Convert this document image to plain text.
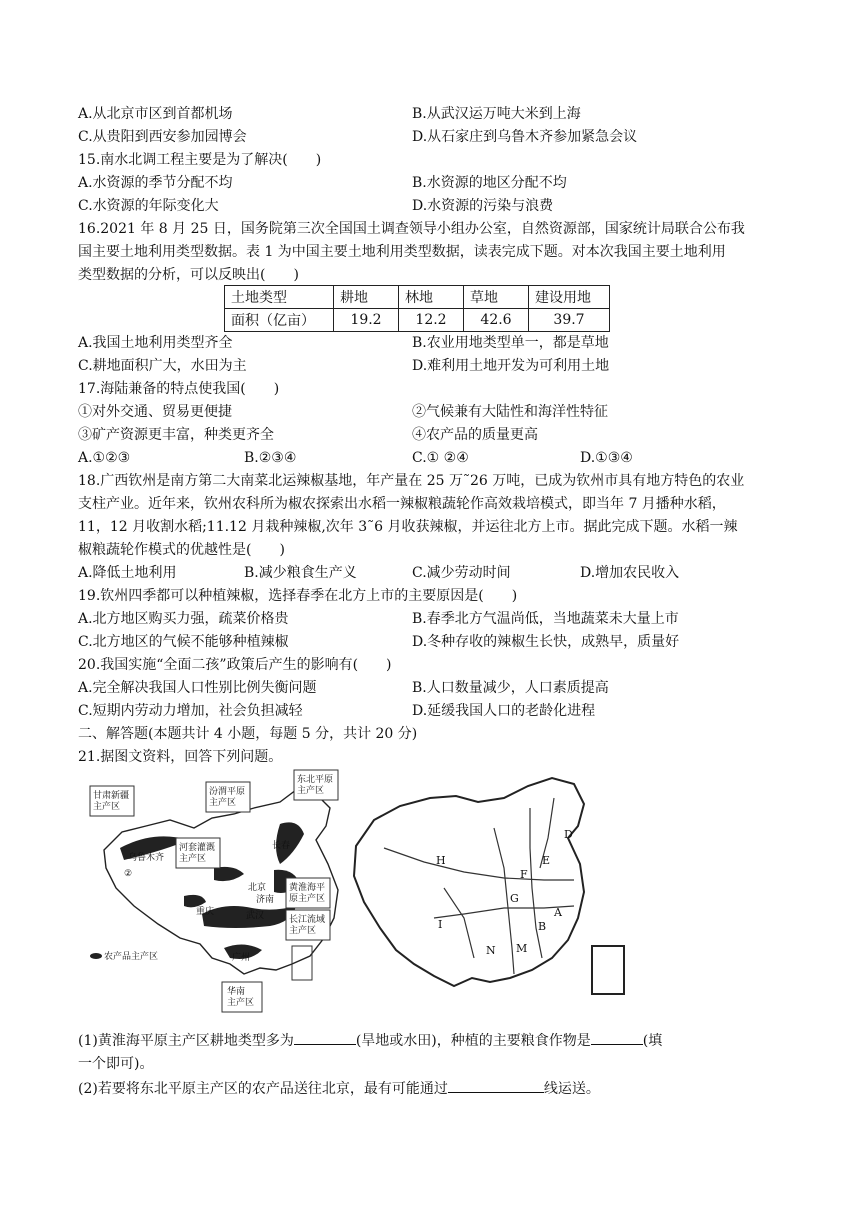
A.从北京市区到首都机场	B.从武汉运万吨大米到上海
C.从贵阳到西安参加园博会	D.从石家庄到乌鲁木齐参加紧急会议
15.南水北调工程主要是为了解决(　　)
A.水资源的季节分配不均	B.水资源的地区分配不均
C.水资源的年际变化大	D.水资源的污染与浪费
16.2021 年 8 月 25 日，国务院第三次全国国土调查领导小组办公室，自然资源部，国家统计局联合公布我
国主要土地利用类型数据。表 1 为中国主要土地利用类型数据，读表完成下题。对本次我国主要土地利用
类型数据的分析，可以反映出(　　)
土地类型	耕地	林地	草地	建设用地
面积（亿亩）	19.2	12.2	42.6	39.7
A.我国土地利用类型齐全	B.农业用地类型单一，都是草地
C.耕地面积广大，水田为主	D.难利用土地开发为可利用土地
17.海陆兼备的特点使我国(　　)
①对外交通、贸易更便捷	②气候兼有大陆性和海洋性特征
③矿产资源更丰富，种类更齐全	④农产品的质量更高
A.①②③	B.②③④	C.① ②④	D.①③④
18.广西钦州是南方第二大南菜北运辣椒基地，年产量在 25 万˜26 万吨，已成为钦州市具有地方特色的农业
支柱产业。近年来，钦州农科所为椒农探索出水稻一辣椒粮蔬轮作高效栽培模式，即当年 7 月播种水稻，
11，12 月收割水稻;11.12 月栽种辣椒,次年 3˜6 月收获辣椒，并运往北方上市。据此完成下题。水稻一辣
椒粮蔬轮作模式的优越性是(　　)
A.降低土地利用	B.减少粮食生产义	C.减少劳动时间	D.增加农民收入
19.钦州四季都可以种植辣椒，选择春季在北方上市的主要原因是(　　)
A.北方地区购买力强，疏菜价格贵	B.春季北方气温尚低，当地蔬菜未大量上市
C.北方地区的气候不能够种植辣椒	D.冬种存收的辣椒生长快，成熟早，质量好
20.我国实施“全面二孩”政策后产生的影响有(　　)
A.完全解决我国人口性别比例失衡问题	B.人口数量减少，人口素质提高
C.短期内劳动力增加，社会负担减轻	D.延缓我国人口的老龄化进程
二、解答题(本题共计 4 小题，每题 5 分，共计 20 分)
21.据图文资料，回答下列问题。
甘肃新疆主产区
汾渭平原主产区
东北平原主产区
河套灌溉主产区
黄淮海平原主产区
长江流域主产区
华南主产区
北京
济南
武汉
重庆
广州
长春
乌鲁木齐
②
农产品主产区
H
D
E
F
G
A
B
N M
I
(1)黄淮海平原主产区耕地类型多为	(旱地或水田)，种植的主要粮食作物是	(填
一个即可)。
(2)若要将东北平原主产区的农产品送往北京，最有可能通过	线运送。
